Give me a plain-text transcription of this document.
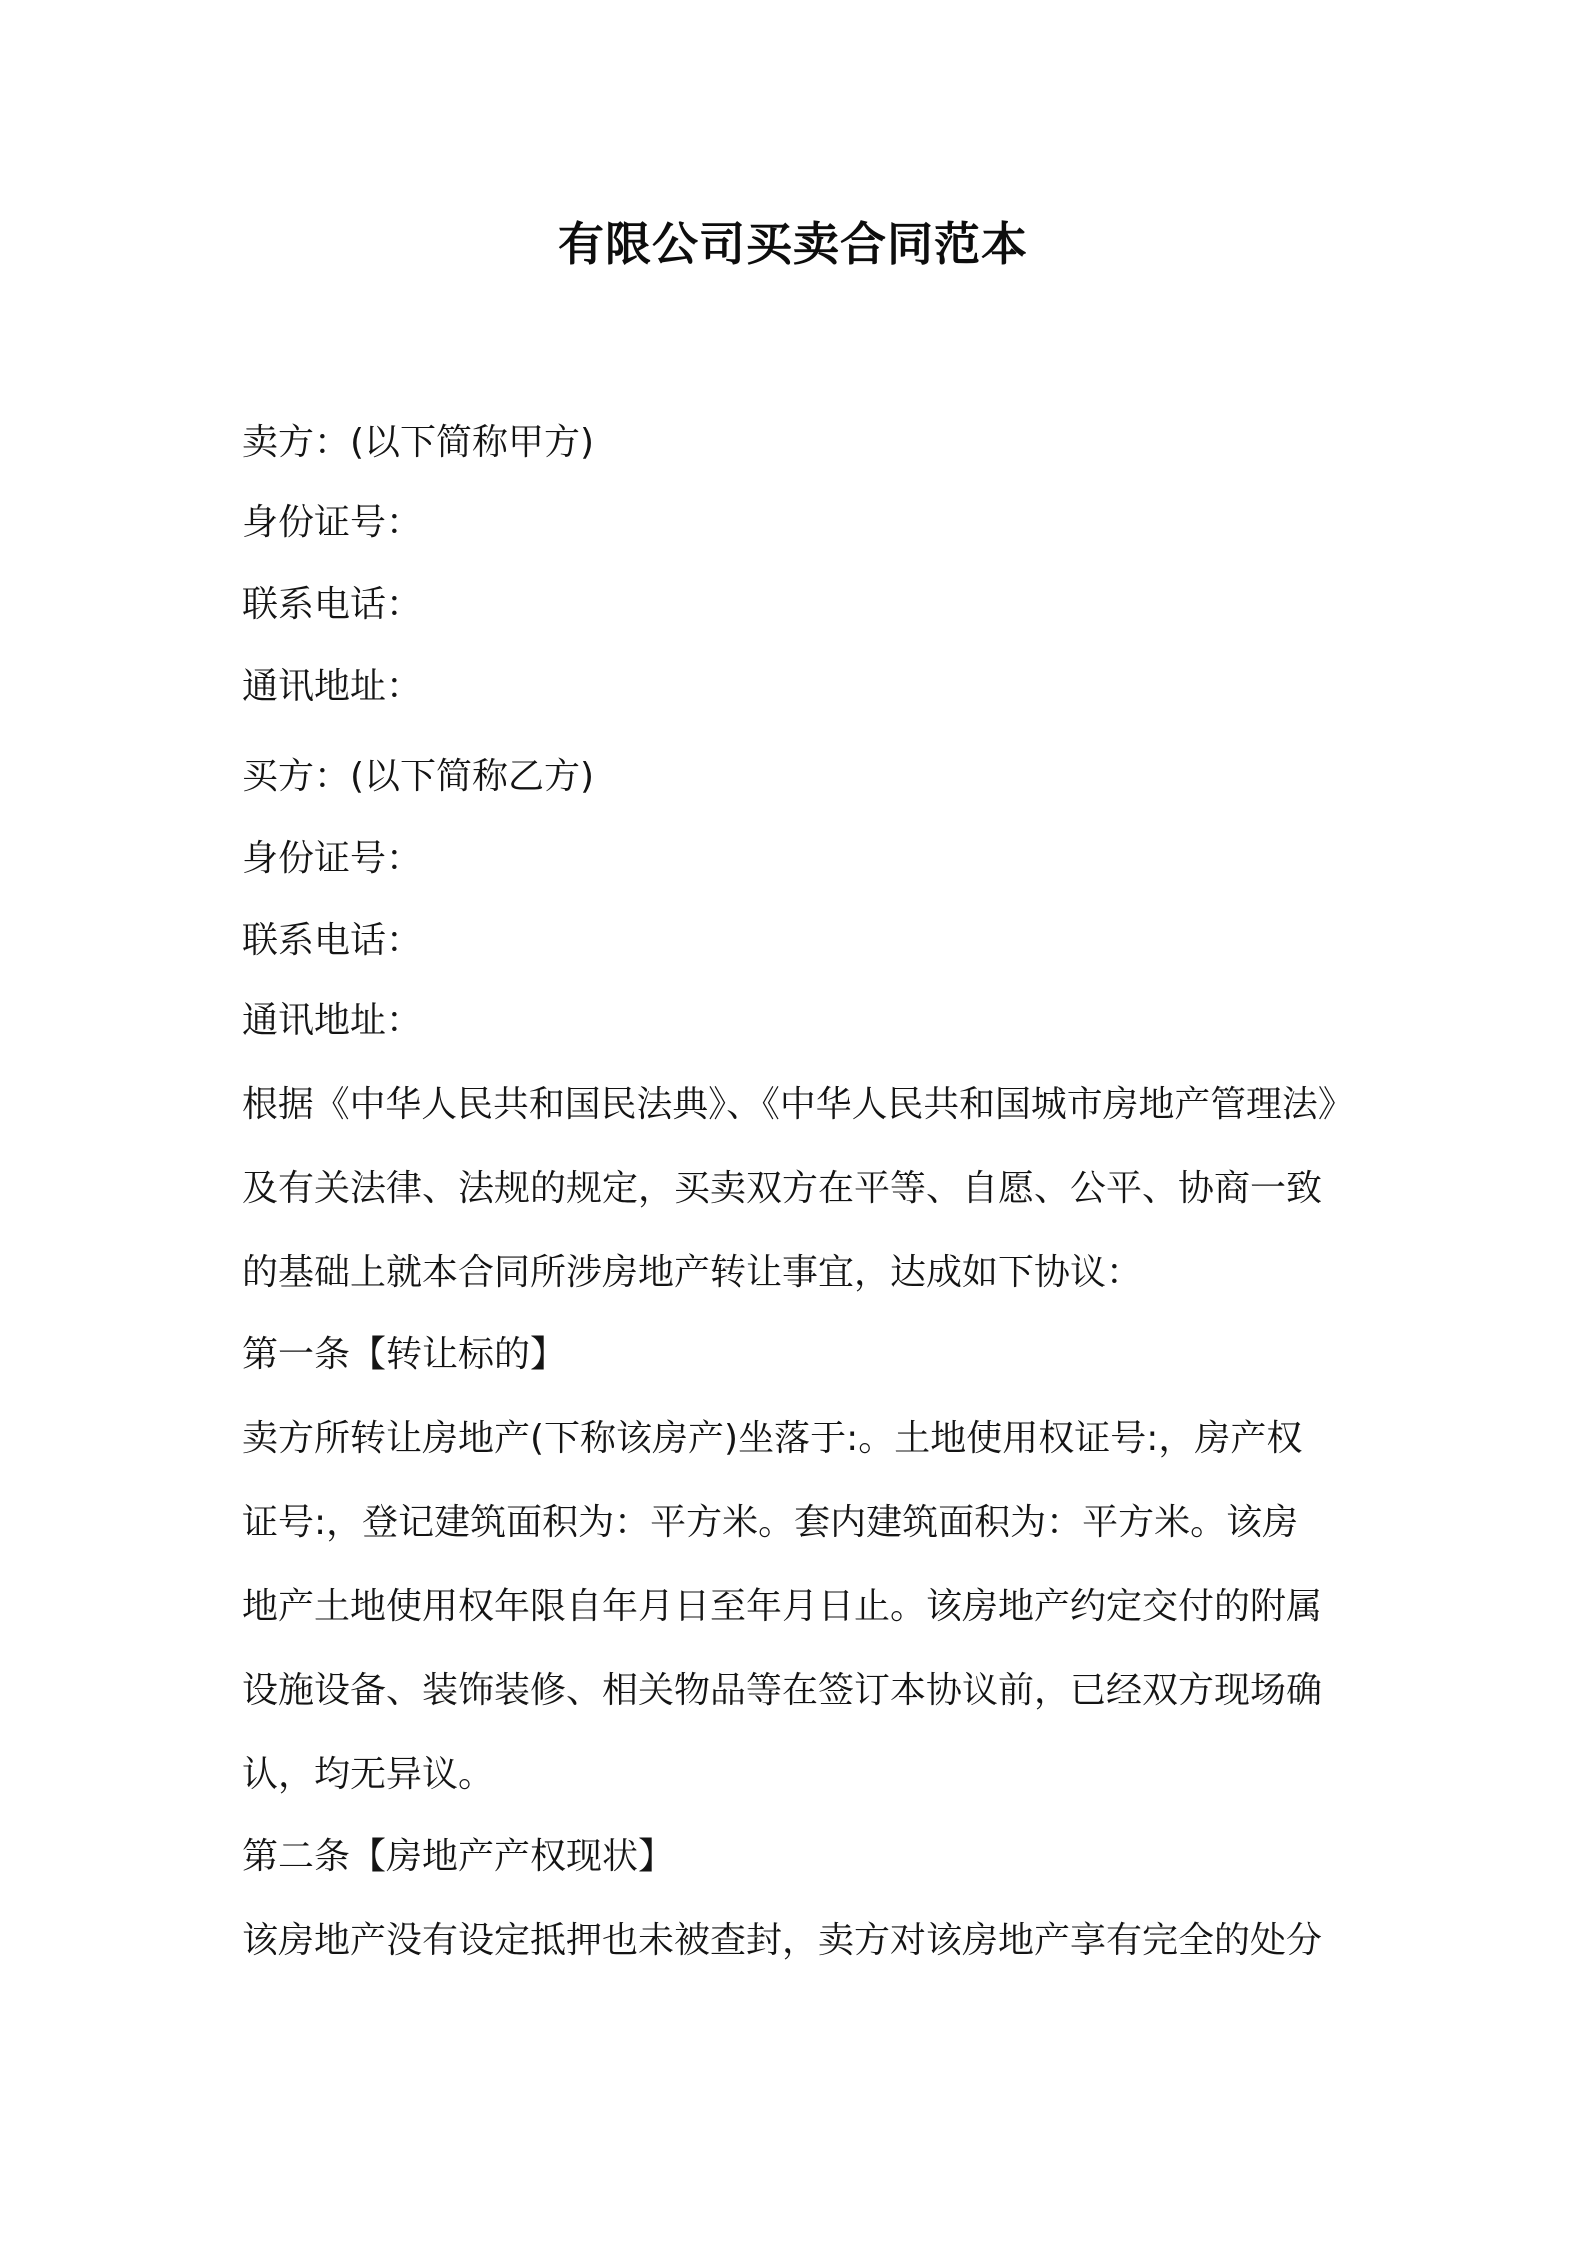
有限公司买卖合同范本
卖方：(以下简称甲方)
身份证号：
联系电话：
通讯地址：
买方：(以下简称乙方)
身份证号：
联系电话：
通讯地址：
根据《中华人民共和国民法典》、《中华人民共和国城市房地产管理法》
及有关法律、法规的规定，买卖双方在平等、自愿、公平、协商一致
的基础上就本合同所涉房地产转让事宜，达成如下协议：
第一条【转让标的】
卖方所转让房地产(下称该房产)坐落于:。土地使用权证号:，房产权
证号:，登记建筑面积为：平方米。套内建筑面积为：平方米。该房
地产土地使用权年限自年月日至年月日止。该房地产约定交付的附属
设施设备、装饰装修、相关物品等在签订本协议前，已经双方现场确
认，均无异议。
第二条【房地产产权现状】
该房地产没有设定抵押也未被查封，卖方对该房地产享有完全的处分
